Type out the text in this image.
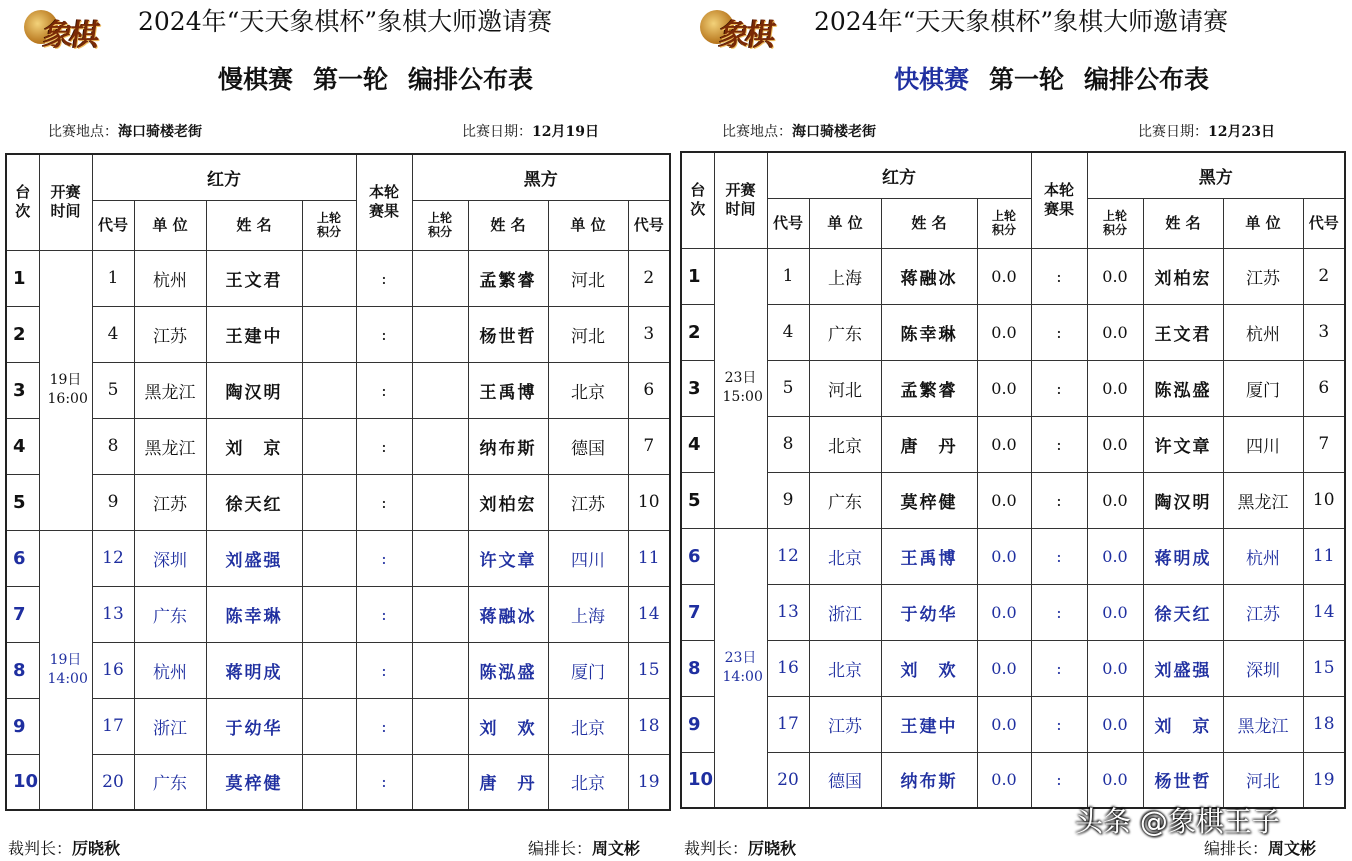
象棋 2024年“天天象棋杯”象棋大师邀请赛
慢棋赛 第一轮 编排公布表
比赛地点：海口骑楼老街	比赛日期：12月19日
台次	开赛时间	红方				本轮赛果	黑方			
		代号	单 位	姓 名	上轮积分		上轮积分	姓 名	单 位	代号
1	19日 16:00	1	杭州	王文君		:		孟繁睿	河北	2
2		4	江苏	王建中		:		杨世哲	河北	3
3		5	黑龙江	陶汉明		:		王禹博	北京	6
4		8	黑龙江	刘　京		:		纳布斯	德国	7
5		9	江苏	徐天红		:		刘柏宏	江苏	10
6	19日 14:00	12	深圳	刘盛强		:		许文章	四川	11
7		13	广东	陈幸琳		:		蒋融冰	上海	14
8		16	杭州	蒋明成		:		陈泓盛	厦门	15
9		17	浙江	于幼华		:		刘　欢	北京	18
10		20	广东	莫梓健		:		唐　丹	北京	19
裁判长：厉晓秋	编排长：周文彬
象棋 2024年“天天象棋杯”象棋大师邀请赛
快棋赛 第一轮 编排公布表
比赛地点：海口骑楼老街	比赛日期：12月23日
台次	开赛时间	红方				本轮赛果	黑方			
		代号	单 位	姓 名	上轮积分		上轮积分	姓 名	单 位	代号
1	23日 15:00	1	上海	蒋融冰	0.0	:	0.0	刘柏宏	江苏	2
2		4	广东	陈幸琳	0.0	:	0.0	王文君	杭州	3
3		5	河北	孟繁睿	0.0	:	0.0	陈泓盛	厦门	6
4		8	北京	唐　丹	0.0	:	0.0	许文章	四川	7
5		9	广东	莫梓健	0.0	:	0.0	陶汉明	黑龙江	10
6	23日 14:00	12	北京	王禹博	0.0	:	0.0	蒋明成	杭州	11
7		13	浙江	于幼华	0.0	:	0.0	徐天红	江苏	14
8		16	北京	刘　欢	0.0	:	0.0	刘盛强	深圳	15
9		17	江苏	王建中	0.0	:	0.0	刘　京	黑龙江	18
10		20	德国	纳布斯	0.0	:	0.0	杨世哲	河北	19
裁判长：厉晓秋	编排长：周文彬
头条 @象棋王子
